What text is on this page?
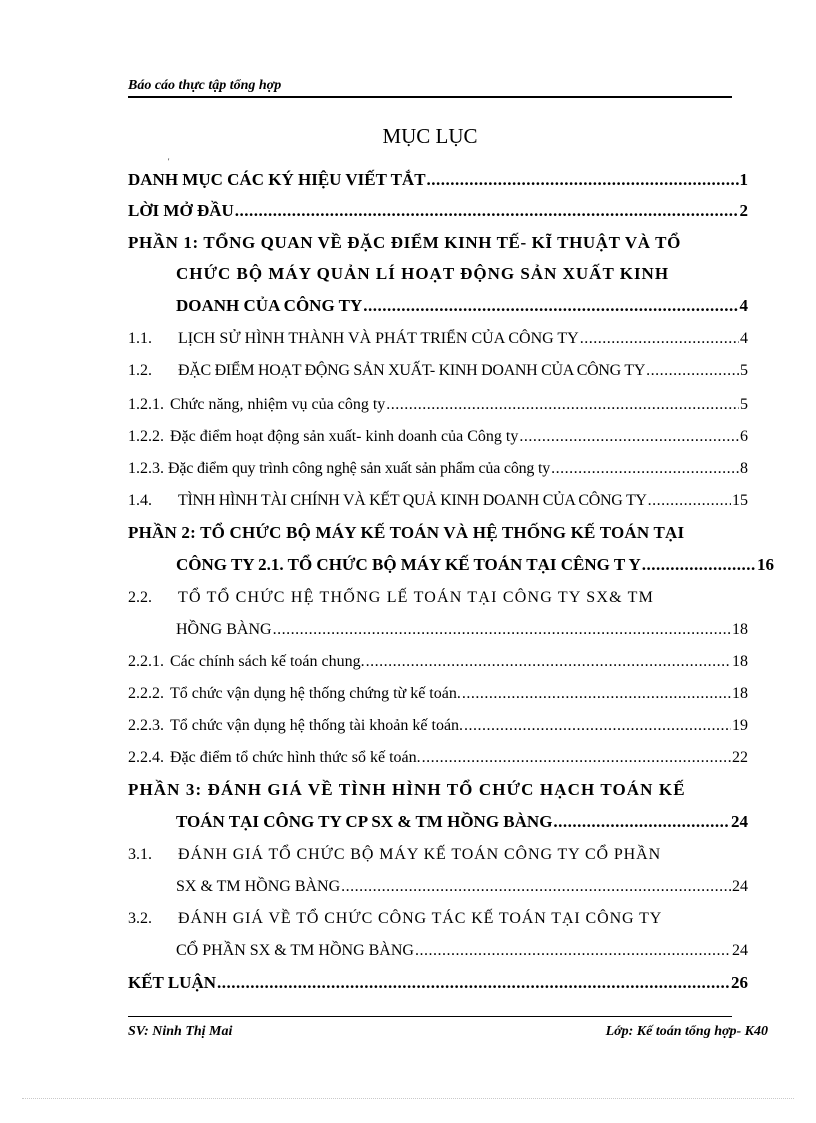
Báo cáo thực tập tổng hợp
MỤC LỤC
'
DANH MỤC CÁC KÝ HIỆU VIẾT TẮT .....	1
LỜI MỞ ĐẦU .....	2
PHẦN 1: TỔNG QUAN VỀ ĐẶC ĐIỂM KINH TẾ- KĨ THUẬT VÀ TỔ
CHỨC BỘ MÁY QUẢN LÍ HOẠT ĐỘNG SẢN XUẤT KINH
DOANH CỦA CÔNG TY .....	4
1.1.	LỊCH SỬ HÌNH THÀNH VÀ PHÁT TRIỂN CỦA CÔNG TY .....	4
1.2.	ĐẶC ĐIỂM HOẠT ĐỘNG SẢN XUẤT- KINH DOANH CỦA CÔNG TY .....	5
1.2.1. Chức năng, nhiệm vụ của công ty .....	5
1.2.2. Đặc điểm hoạt động sản xuất- kinh doanh của Công ty .....	6
1.2.3. Đặc điểm quy trình công nghệ sản xuất sản phẩm của công ty .....	8
1.4.	TÌNH HÌNH TÀI CHÍNH VÀ KẾT QUẢ KINH DOANH CỦA CÔNG TY .....	15
PHẦN 2: TỔ CHỨC BỘ MÁY KẾ TOÁN VÀ HỆ THỐNG KẾ TOÁN TẠI
CÔNG TY 2.1. TỔ CHỨC BỘ MÁY KẾ TOÁN TẠI CÊNG T Y .....	16
2.2.	TỔ TỔ CHỨC HỆ THỐNG LẾ TOÁN TẠI CÔNG TY SX& TM
HỒNG BÀNG .....	18
2.2.1. Các chính sách kế toán chung. .....	18
2.2.2. Tổ chức vận dụng hệ thống chứng từ kế toán. .....	18
2.2.3. Tổ chức vận dụng hệ thống tài khoản kế toán. .....	19
2.2.4. Đặc điểm tổ chức hình thức sổ kế toán. .....	22
PHẦN 3: ĐÁNH GIÁ VỀ TÌNH HÌNH TỔ CHỨC HẠCH TOÁN KẾ
TOÁN TẠI CÔNG TY CP SX & TM HỒNG BÀNG .....	24
3.1.	ĐÁNH GIÁ TỔ CHỨC BỘ MÁY KẾ TOÁN CÔNG TY CỔ PHẦN
SX & TM HỒNG BÀNG .....	24
3.2.	ĐÁNH GIÁ VỀ TỔ CHỨC CÔNG TÁC KẾ TOÁN TẠI CÔNG TY
CỔ PHẦN SX & TM HỒNG BÀNG .....	24
KẾT LUẬN .....	26
SV: Ninh Thị Mai	Lớp: Kế toán tổng hợp- K40
